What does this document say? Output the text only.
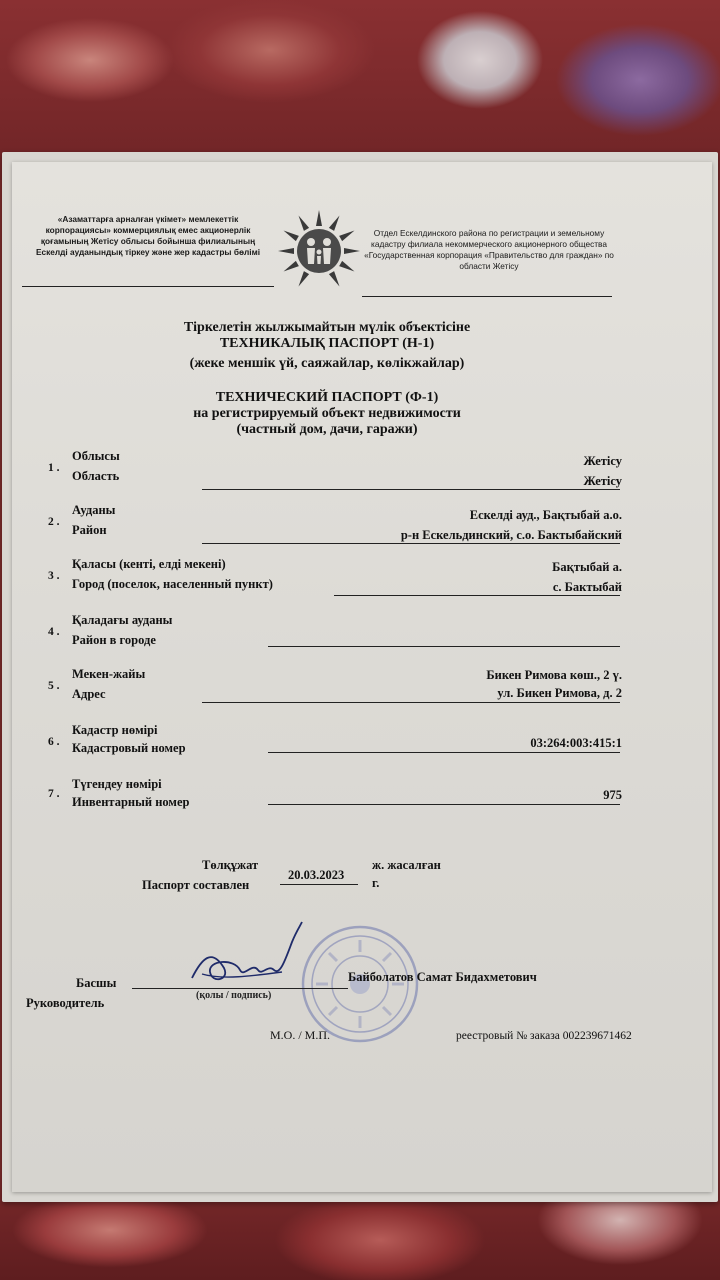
«Азаматтарға арналған үкімет» мемлекеттік корпорациясы» коммерциялық емес акционерлік қоғамының Жетісу облысы бойынша филиалының Ескелді ауданындық тіркеу және жер кадастры бөлімі
Отдел Ескелдинского района по регистрации и земельному кадастру филиала некоммерческого акционерного общества «Государственная корпорация «Правительство для граждан» по области Жетісу
Тіркелетін жылжымайтын мүлік объектісіне
ТЕХНИКАЛЫҚ ПАСПОРТ (Н-1)
(жеке меншік үй, саяжайлар, көлікжайлар)
ТЕХНИЧЕСКИЙ ПАСПОРТ (Ф-1)
на регистрируемый объект недвижимости
(частный дом, дачи, гаражи)
1 .
Облысы
Область
Жетісу
Жетісу
2 .
Ауданы
Район
Ескелді ауд., Бақтыбай а.о.
р-н Ескельдинский, с.о. Бактыбайский
3 .
Қаласы (кенті, елді мекені)
Город (поселок, населенный пункт)
Бақтыбай а.
с. Бактыбай
4 .
Қаладағы ауданы
Район в городе
5 .
Мекен-жайы
Адрес
Бикен Римова көш., 2 ү.
ул. Бикен Римова, д. 2
6 .
Кадастр нөмірі
Кадастровый номер	03:264:003:415:1
7 .
Түгендеу нөмірі
Инвентарный номер	975
Төлқұжат
Паспорт составлен
20.03.2023
ж. жасалған
г.
Басшы
Руководитель
(қолы / подпись)
Байболатов Самат Бидахметович
М.О. / М.П.	реестровый № заказа 002239671462
